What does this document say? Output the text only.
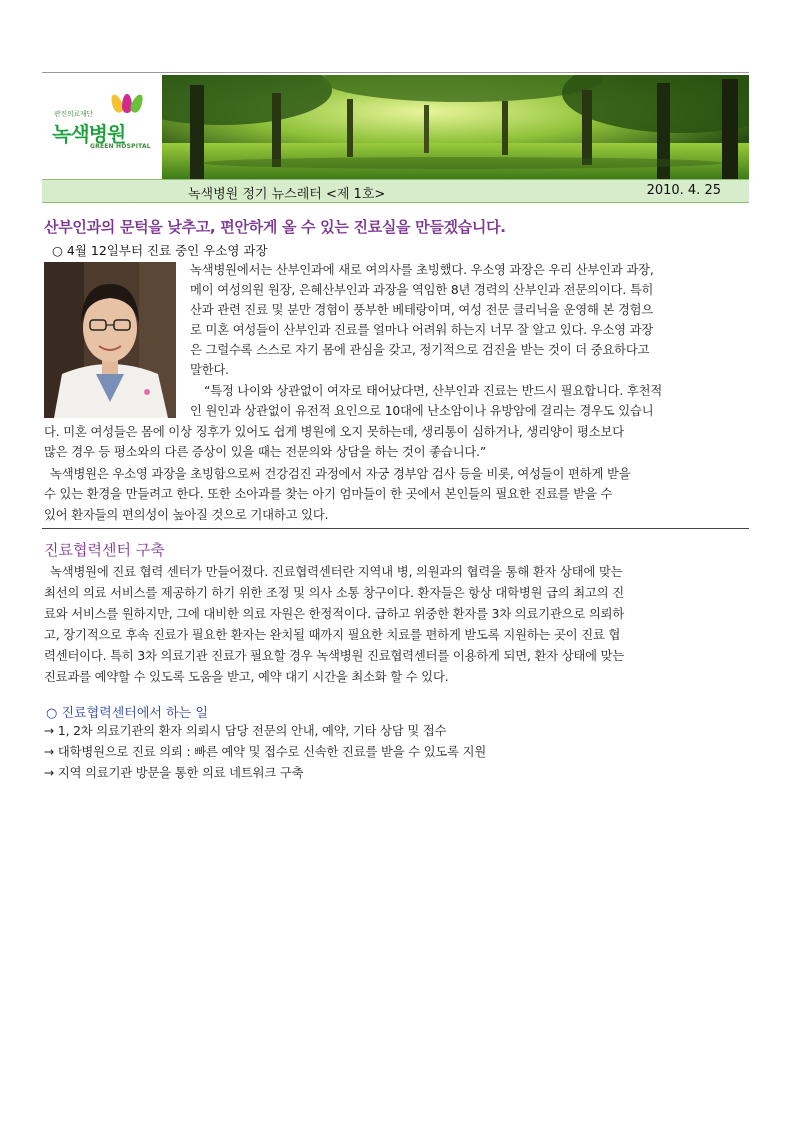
관진의료재단
녹색병원
GREEN HOSPITAL
녹색병원 정기 뉴스레터 <제 1호>	2010. 4. 25
산부인과의 문턱을 낮추고, 편안하게 올 수 있는 진료실을 만들겠습니다.
○ 4월 12일부터 진료 중인 우소영 과장
녹색병원에서는 산부인과에 새로 여의사를 초빙했다. 우소영 과장은 우리 산부인과 과장,
메이 여성의원 원장, 은혜산부인과 과장을 역임한 8년 경력의 산부인과 전문의이다. 특히
산과 관련 진료 및 분만 경험이 풍부한 베테랑이며, 여성 전문 클리닉을 운영해 본 경험으
로 미혼 여성들이 산부인과 진료를 얼마나 어려워 하는지 너무 잘 알고 있다. 우소영 과장
은 그럴수록 스스로 자기 몸에 관심을 갖고, 정기적으로 검진을 받는 것이 더 중요하다고
말한다.
“특정 나이와 상관없이 여자로 태어났다면, 산부인과 진료는 반드시 필요합니다. 후천적
인 원인과 상관없이 유전적 요인으로 10대에 난소암이나 유방암에 걸리는 경우도 있습니
다. 미혼 여성들은 몸에 이상 징후가 있어도 쉽게 병원에 오지 못하는데, 생리통이 심하거나, 생리양이 평소보다
많은 경우 등 평소와의 다른 증상이 있을 때는 전문의와 상담을 하는 것이 좋습니다.”
녹색병원은 우소영 과장을 초빙함으로써 건강검진 과정에서 자궁 경부암 검사 등을 비롯, 여성들이 편하게 받을
수 있는 환경을 만들려고 한다. 또한 소아과를 찾는 아기 엄마들이 한 곳에서 본인들의 필요한 진료를 받을 수
있어 환자들의 편의성이 높아질 것으로 기대하고 있다.
진료협력센터 구축
녹색병원에 진료 협력 센터가 만들어졌다. 진료협력센터란 지역내 병, 의원과의 협력을 통해 환자 상태에 맞는
최선의 의료 서비스를 제공하기 하기 위한 조정 및 의사 소통 창구이다. 환자들은 항상 대학병원 급의 최고의 진
료와 서비스를 원하지만, 그에 대비한 의료 자원은 한정적이다. 급하고 위중한 환자를 3차 의료기관으로 의뢰하
고, 장기적으로 후속 진료가 필요한 환자는 완치될 때까지 필요한 치료를 편하게 받도록 지원하는 곳이 진료 협
력센터이다. 특히 3차 의료기관 진료가 필요할 경우 녹색병원 진료협력센터를 이용하게 되면, 환자 상태에 맞는
진료과를 예약할 수 있도록 도움을 받고, 예약 대기 시간을 최소화 할 수 있다.
○ 진료협력센터에서 하는 일
→ 1, 2차 의료기관의 환자 의뢰시 담당 전문의 안내, 예약, 기타 상담 및 접수
→ 대학병원으로 진료 의뢰 : 빠른 예약 및 접수로 신속한 진료를 받을 수 있도록 지원
→ 지역 의료기관 방문을 통한 의료 네트워크 구축
